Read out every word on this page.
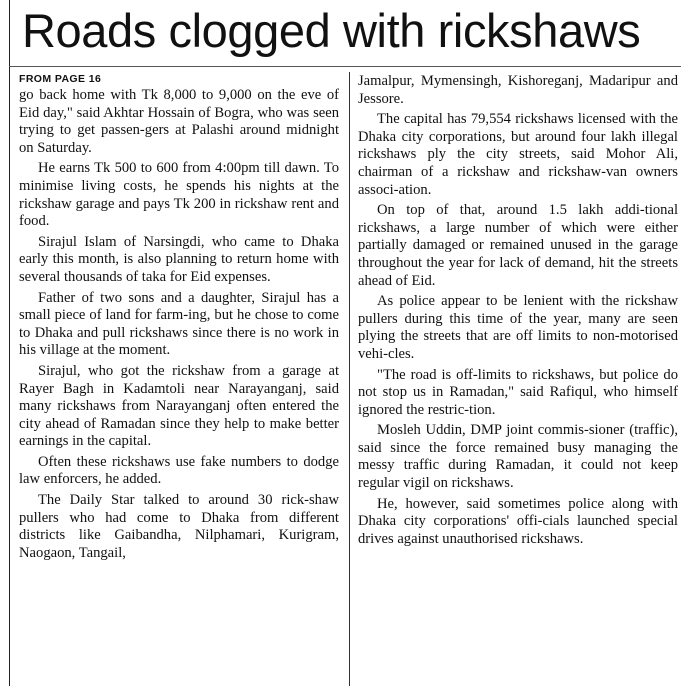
Roads clogged with rickshaws
FROM PAGE 16

go back home with Tk 8,000 to 9,000 on the eve of Eid day," said Akhtar Hossain of Bogra, who was seen trying to get passen-gers at Palashi around midnight on Saturday.

He earns Tk 500 to 600 from 4:00pm till dawn. To minimise living costs, he spends his nights at the rickshaw garage and pays Tk 200 in rickshaw rent and food.

Sirajul Islam of Narsingdi, who came to Dhaka early this month, is also planning to return home with several thousands of taka for Eid expenses.

Father of two sons and a daughter, Sirajul has a small piece of land for farm-ing, but he chose to come to Dhaka and pull rickshaws since there is no work in his village at the moment.

Sirajul, who got the rickshaw from a garage at Rayer Bagh in Kadamtoli near Narayanganj, said many rickshaws from Narayanganj often entered the city ahead of Ramadan since they help to make better earnings in the capital.

Often these rickshaws use fake numbers to dodge law enforcers, he added.

The Daily Star talked to around 30 rick-shaw pullers who had come to Dhaka from different districts like Gaibandha, Nilphamari, Kurigram, Naogaon, Tangail,

Jamalpur, Mymensingh, Kishoreganj, Madaripur and Jessore.

The capital has 79,554 rickshaws licensed with the Dhaka city corporations, but around four lakh illegal rickshaws ply the city streets, said Mohor Ali, chairman of a rickshaw and rickshaw-van owners associ-ation.

On top of that, around 1.5 lakh addi-tional rickshaws, a large number of which were either partially damaged or remained unused in the garage throughout the year for lack of demand, hit the streets ahead of Eid.

As police appear to be lenient with the rickshaw pullers during this time of the year, many are seen plying the streets that are off limits to non-motorised vehi-cles.

"The road is off-limits to rickshaws, but police do not stop us in Ramadan," said Rafiqul, who himself ignored the restric-tion.

Mosleh Uddin, DMP joint commis-sioner (traffic), said since the force remained busy managing the messy traffic during Ramadan, it could not keep regular vigil on rickshaws.

He, however, said sometimes police along with Dhaka city corporations' offi-cials launched special drives against unauthorised rickshaws.
